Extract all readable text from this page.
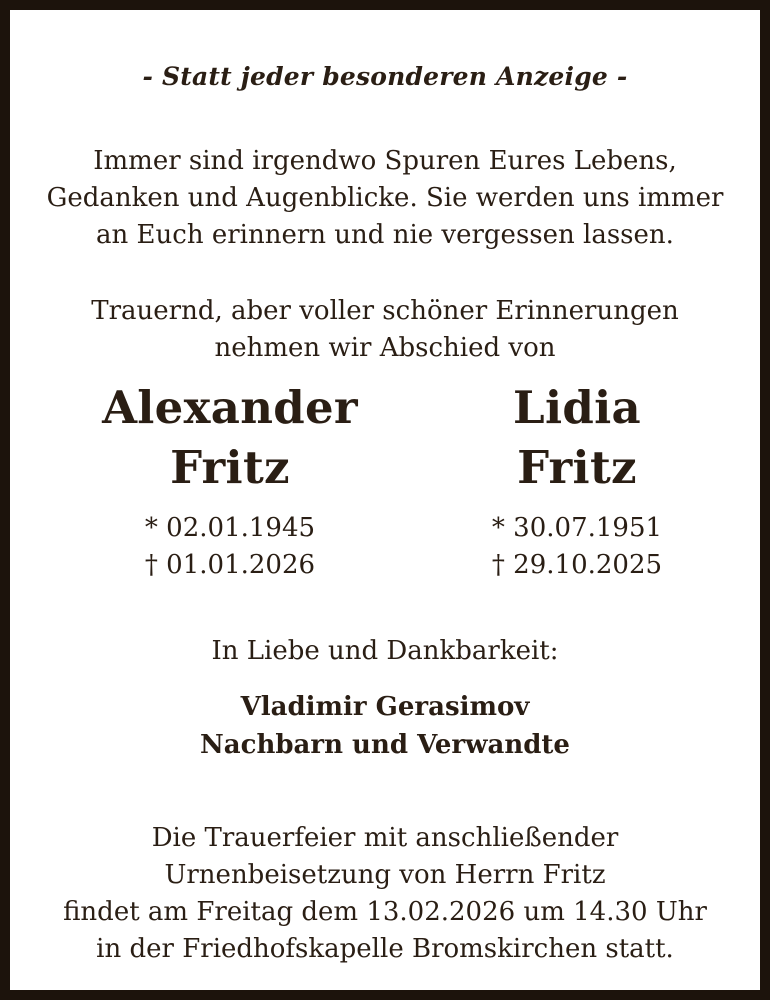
- Statt jeder besonderen Anzeige -
Immer sind irgendwo Spuren Eures Lebens,
Gedanken und Augenblicke. Sie werden uns immer
an Euch erinnern und nie vergessen lassen.
Trauernd, aber voller schöner Erinnerungen
nehmen wir Abschied von
Alexander
Fritz
* 02.01.1945
† 01.01.2026
Lidia
Fritz
* 30.07.1951
† 29.10.2025
In Liebe und Dankbarkeit:
Vladimir Gerasimov
Nachbarn und Verwandte
Die Trauerfeier mit anschließender
Urnenbeisetzung von Herrn Fritz
findet am Freitag dem 13.02.2026 um 14.30 Uhr
in der Friedhofskapelle Bromskirchen statt.
